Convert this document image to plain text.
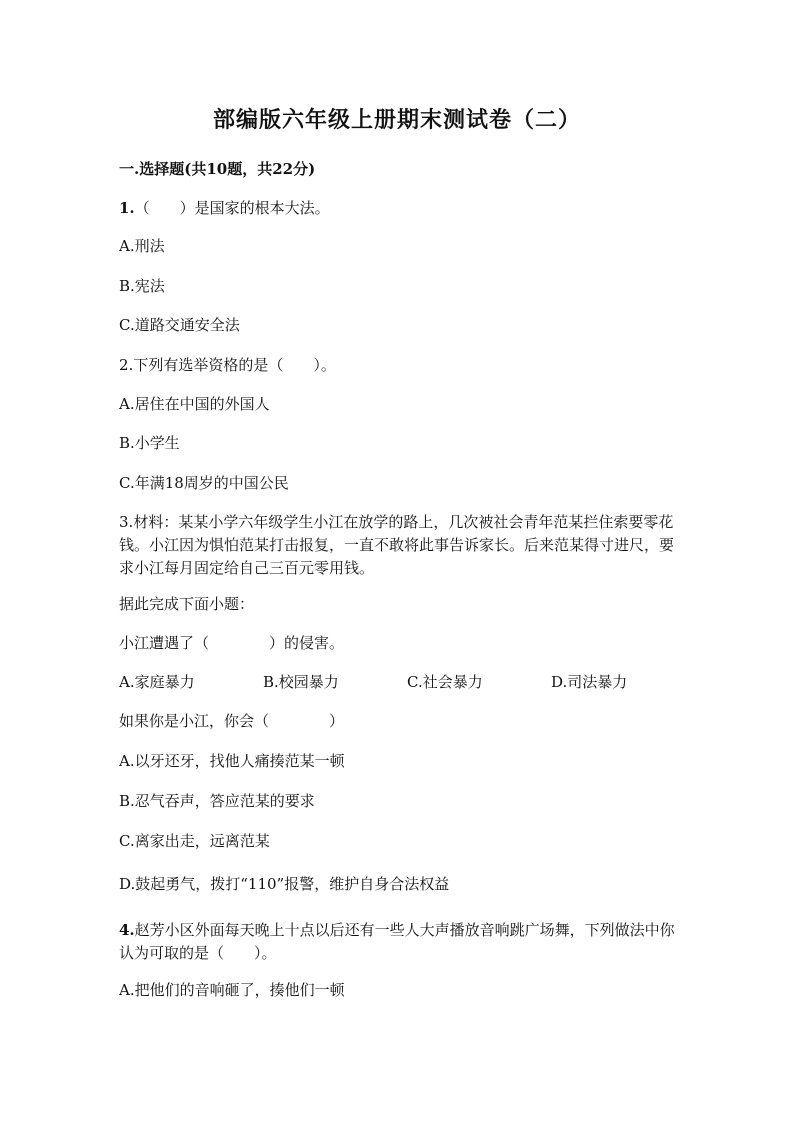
部编版六年级上册期末测试卷（二）
一.选择题(共10题，共22分)
1.（　　）是国家的根本大法。
A.刑法
B.宪法
C.道路交通安全法
2.下列有选举资格的是（　　）。
A.居住在中国的外国人
B.小学生
C.年满18周岁的中国公民
3.材料：某某小学六年级学生小江在放学的路上，几次被社会青年范某拦住索要零花钱。小江因为惧怕范某打击报复，一直不敢将此事告诉家长。后来范某得寸进尺，要求小江每月固定给自己三百元零用钱。
据此完成下面小题：
小江遭遇了（　　　　）的侵害。
A.家庭暴力	B.校园暴力	C.社会暴力	D.司法暴力
如果你是小江，你会（　　　　）
A.以牙还牙，找他人痛揍范某一顿
B.忍气吞声，答应范某的要求
C.离家出走，远离范某
D.鼓起勇气，拨打“110”报警，维护自身合法权益
4.赵芳小区外面每天晚上十点以后还有一些人大声播放音响跳广场舞，下列做法中你认为可取的是（　　）。
A.把他们的音响砸了，揍他们一顿
